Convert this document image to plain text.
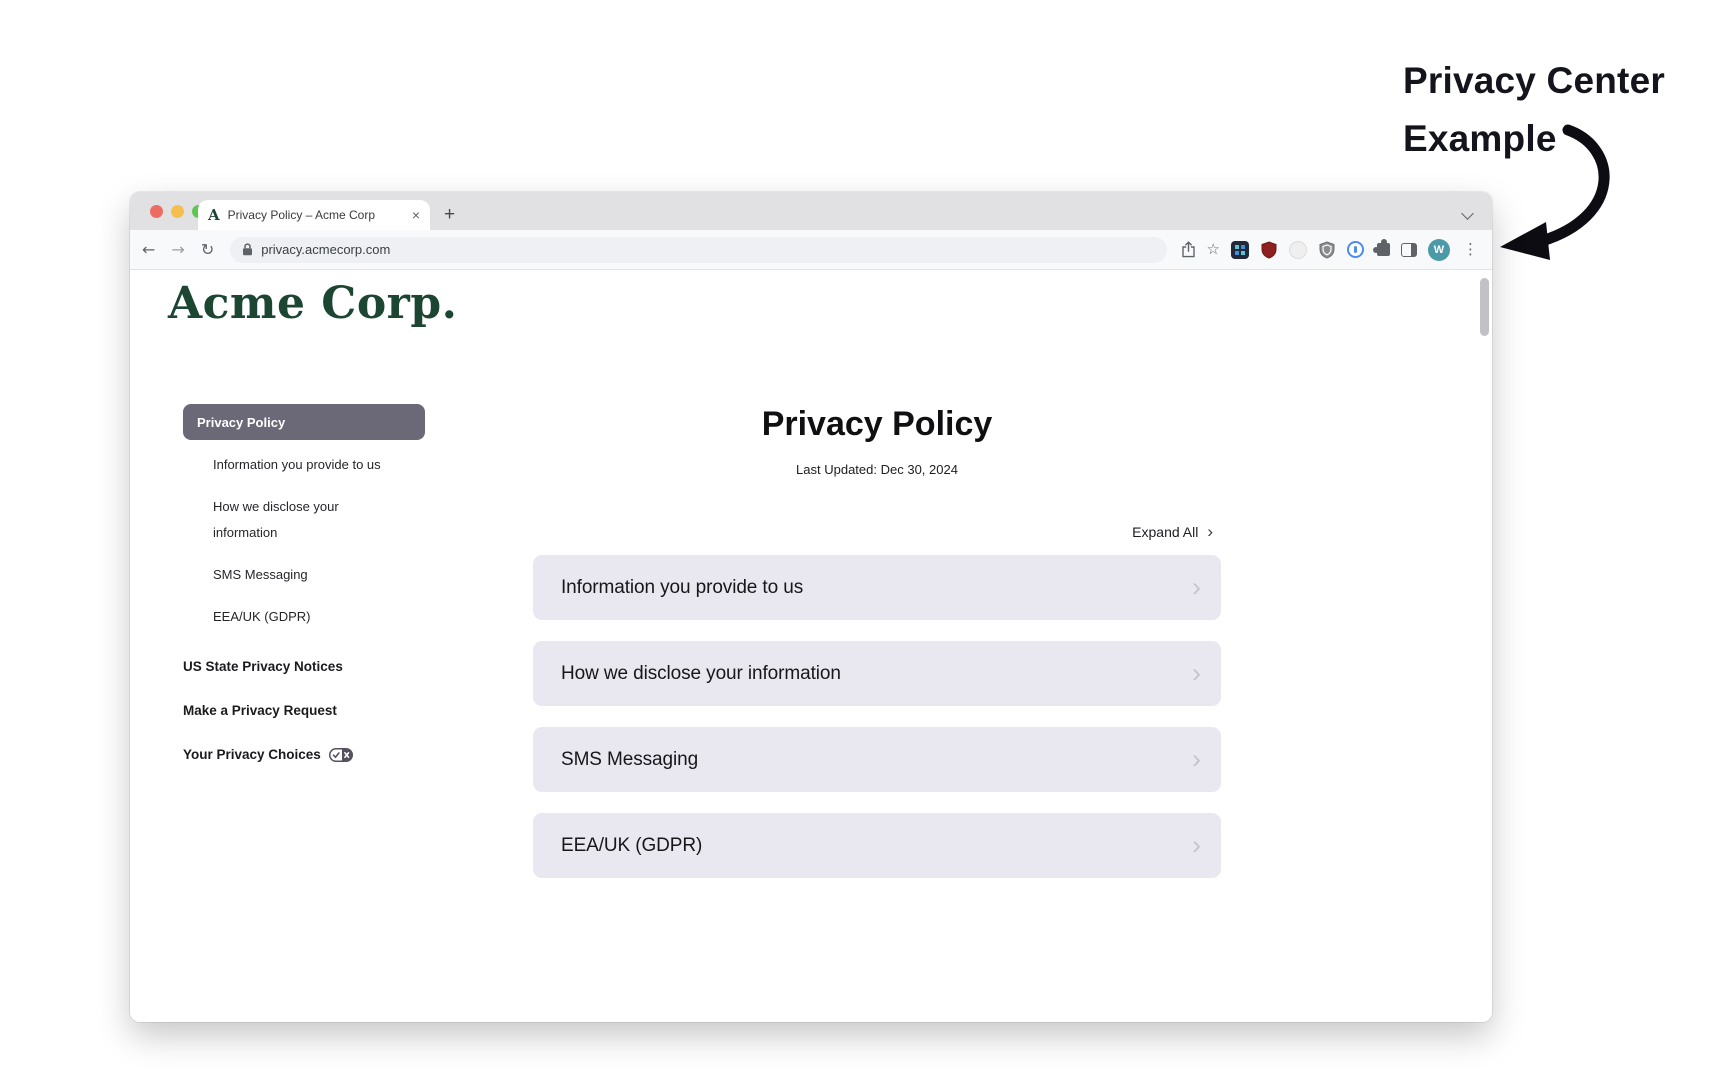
Privacy Center
Example
A Privacy Policy – Acme Corp	× +
← → ↻	privacy.acmecorp.com	☆	W	⋮
Acme Corp.
Privacy Policy
Information you provide to us
How we disclose your information
SMS Messaging
EEA/UK (GDPR)
US State Privacy Notices
Make a Privacy Request
Your Privacy Choices
Privacy Policy
Last Updated: Dec 30, 2024
Expand All ›
Information you provide to us	›
How we disclose your information	›
SMS Messaging	›
EEA/UK (GDPR)	›
